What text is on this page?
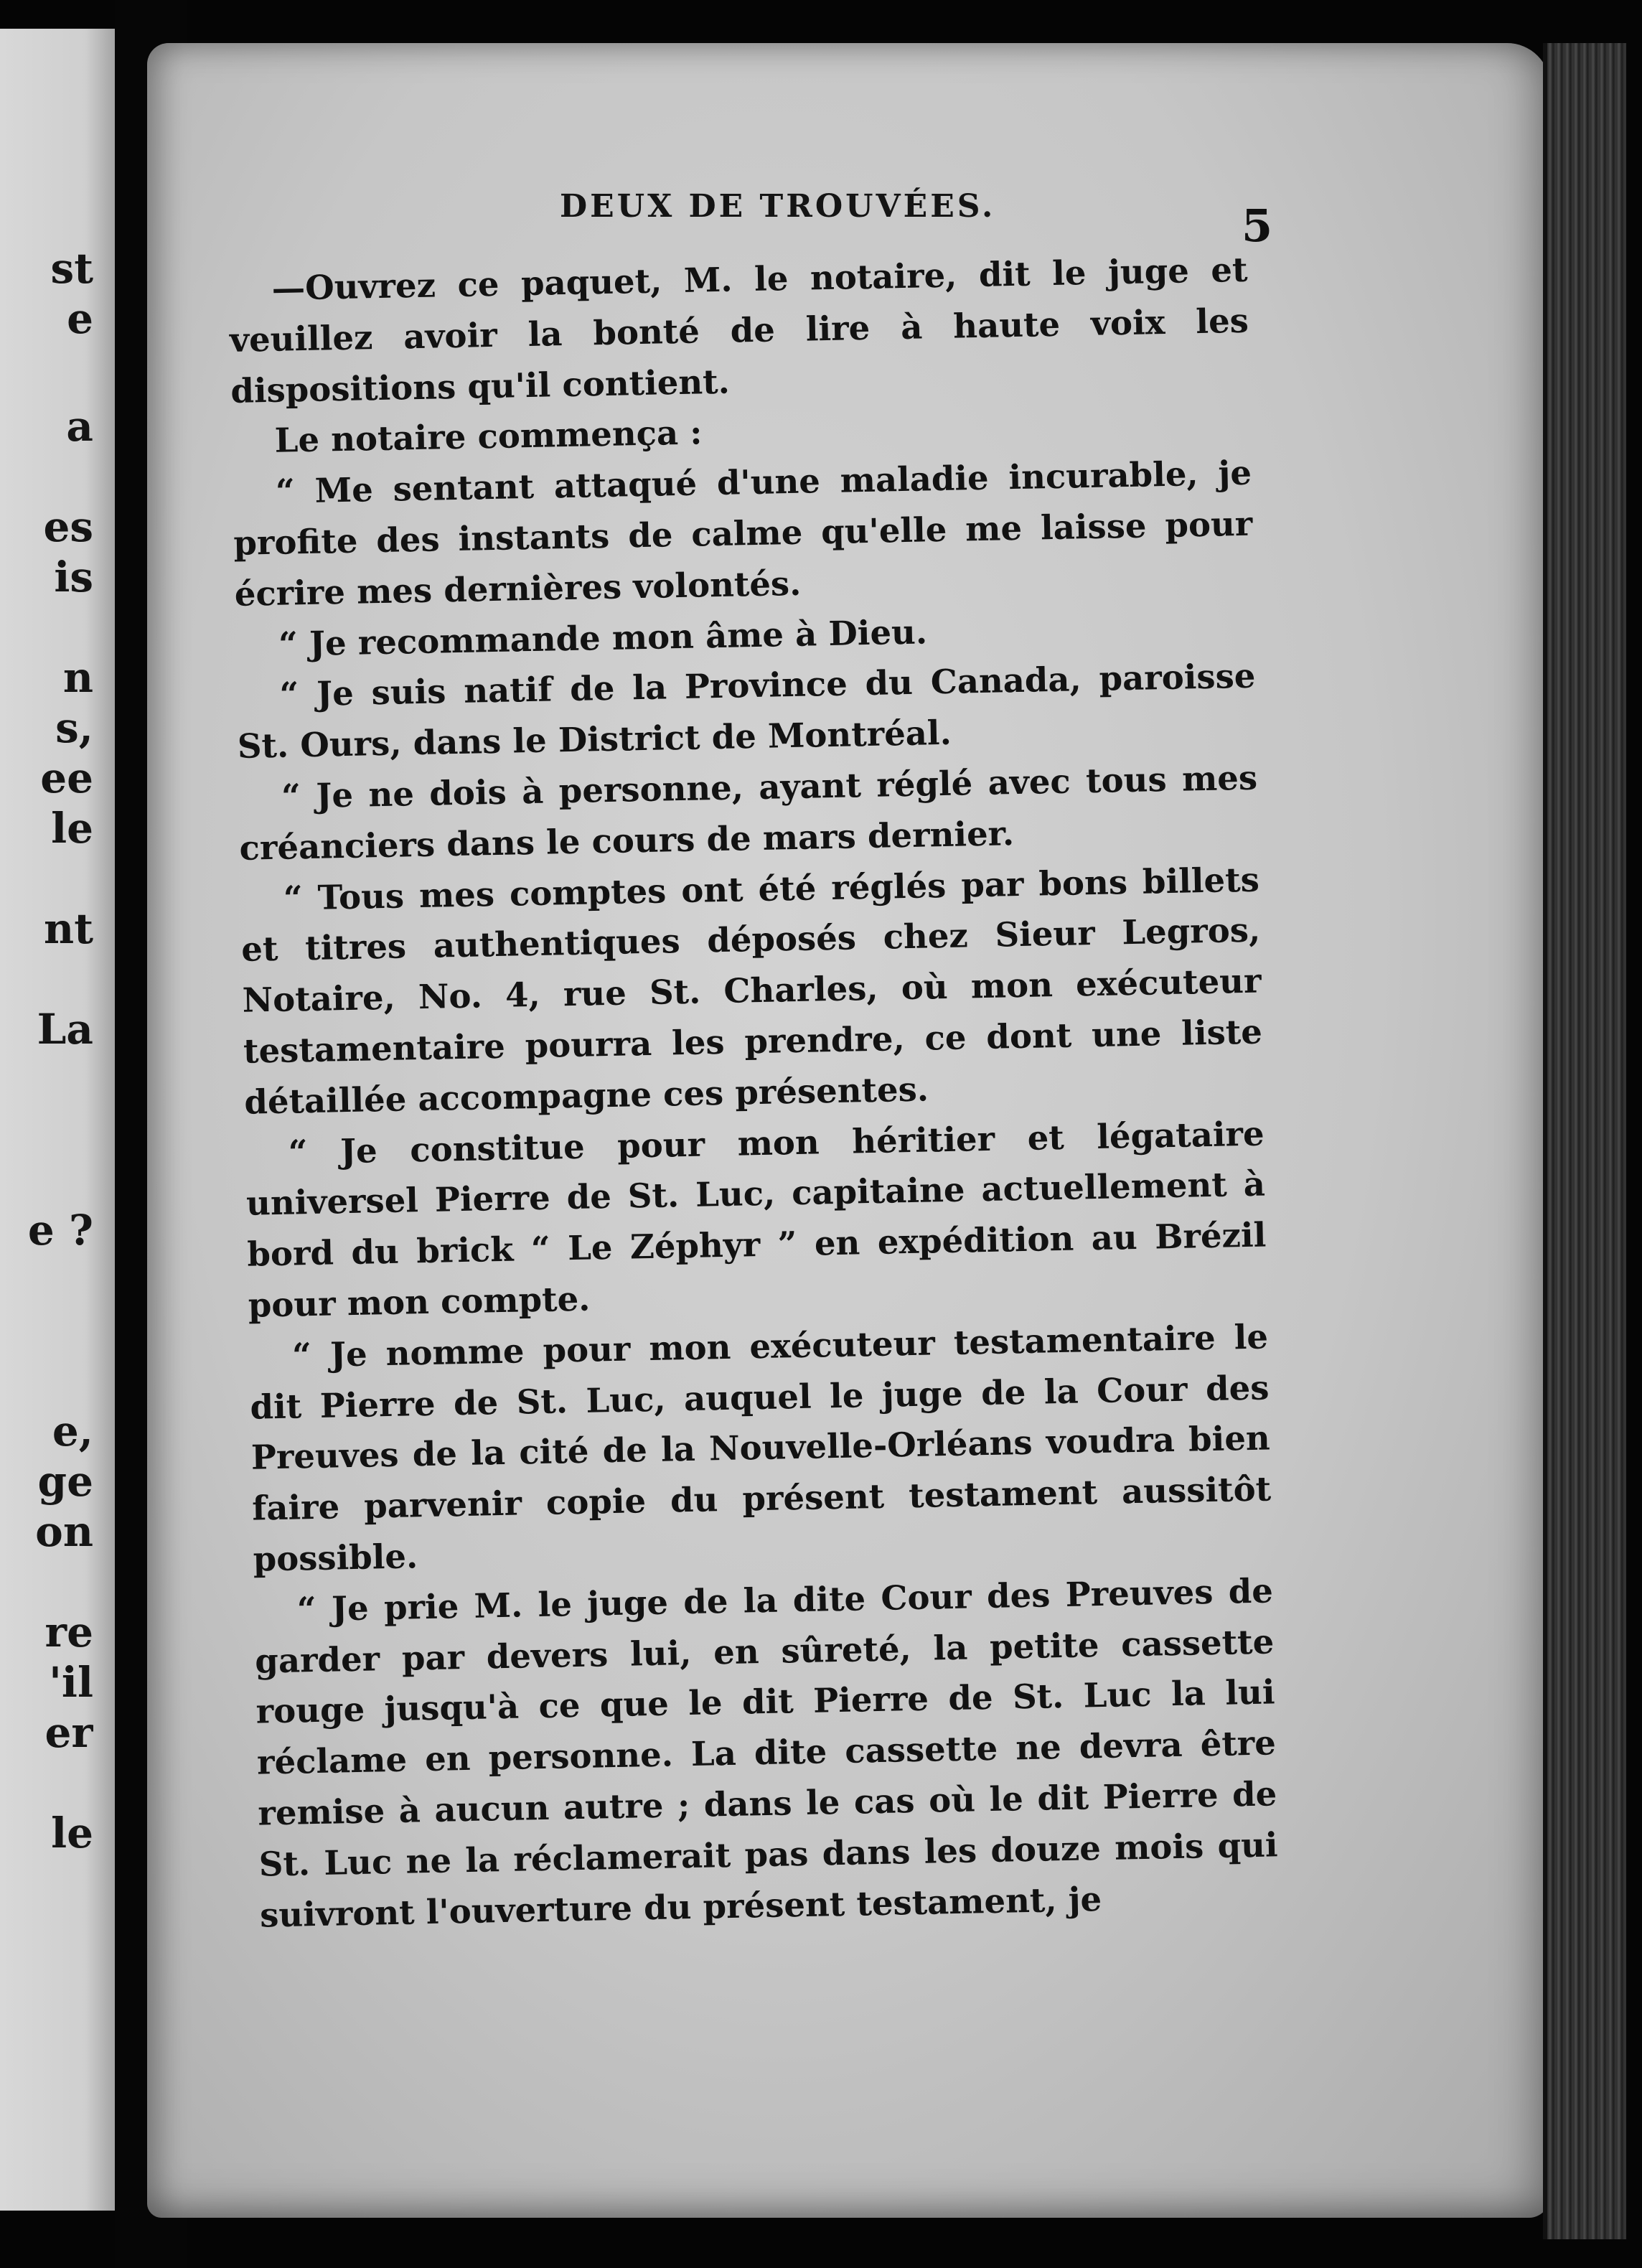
st
e
a
es
is
n
s,
ee
le
nt
La
e ?
e,
ge
on
re
'il
er
le
DEUX DE TROUVÉES.	5

—Ouvrez ce paquet, M. le notaire, dit le juge et veuillez avoir la bonté de lire à haute voix les dispositions qu'il contient.

Le notaire commença :

“ Me sentant attaqué d'une maladie incurable, je profite des instants de calme qu'elle me laisse pour écrire mes dernières volontés.

“ Je recommande mon âme à Dieu.

“ Je suis natif de la Province du Canada, paroisse St. Ours, dans le District de Montréal.

“ Je ne dois à personne, ayant réglé avec tous mes créanciers dans le cours de mars dernier.

“ Tous mes comptes ont été réglés par bons billets et titres authentiques déposés chez Sieur Legros, Notaire, No. 4, rue St. Charles, où mon exécuteur testamentaire pourra les prendre, ce dont une liste détaillée accompagne ces présentes.

“ Je constitue pour mon héritier et légataire universel Pierre de St. Luc, capitaine actuellement à bord du brick “ Le Zéphyr ” en expédition au Brézil pour mon compte.

“ Je nomme pour mon exécuteur testamentaire le dit Pierre de St. Luc, auquel le juge de la Cour des Preuves de la cité de la Nouvelle-Orléans voudra bien faire parvenir copie du présent testament aussitôt possible.

“ Je prie M. le juge de la dite Cour des Preuves de garder par devers lui, en sûreté, la petite cassette rouge jusqu'à ce que le dit Pierre de St. Luc la lui réclame en personne. La dite cassette ne devra être remise à aucun autre ; dans le cas où le dit Pierre de St. Luc ne la réclamerait pas dans les douze mois qui suivront l'ouverture du présent testament, je
